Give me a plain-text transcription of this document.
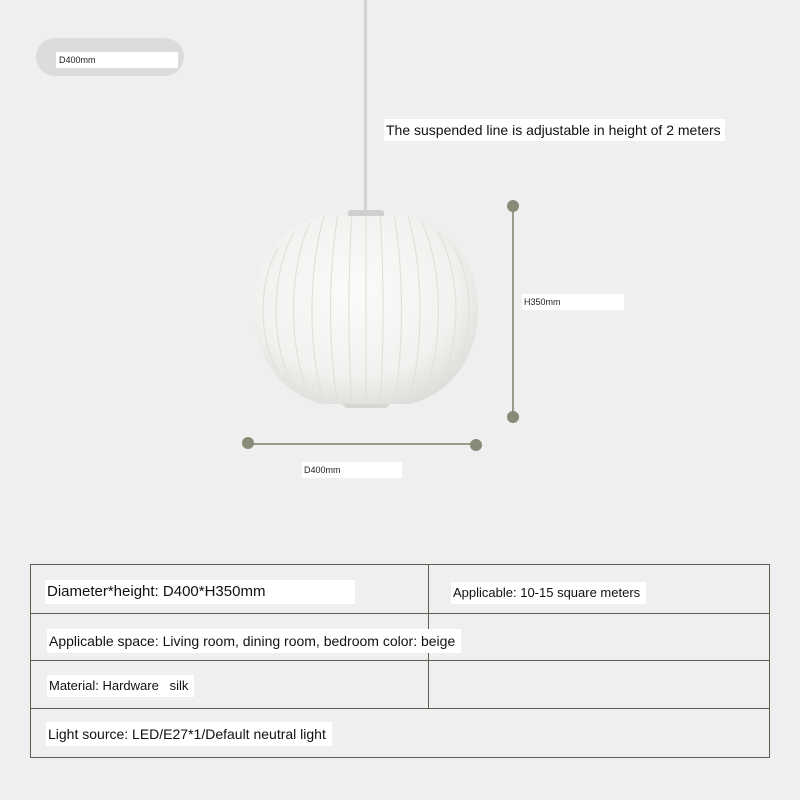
D400mm
The suspended line is adjustable in height of 2 meters
H350mm
D400mm
Diameter*height: D400*H350mm	Applicable: 10-15 square meters
Applicable space: Living room, dining room, bedroom color: beige
Material: Hardware   silk
Light source: LED/E27*1/Default neutral light
